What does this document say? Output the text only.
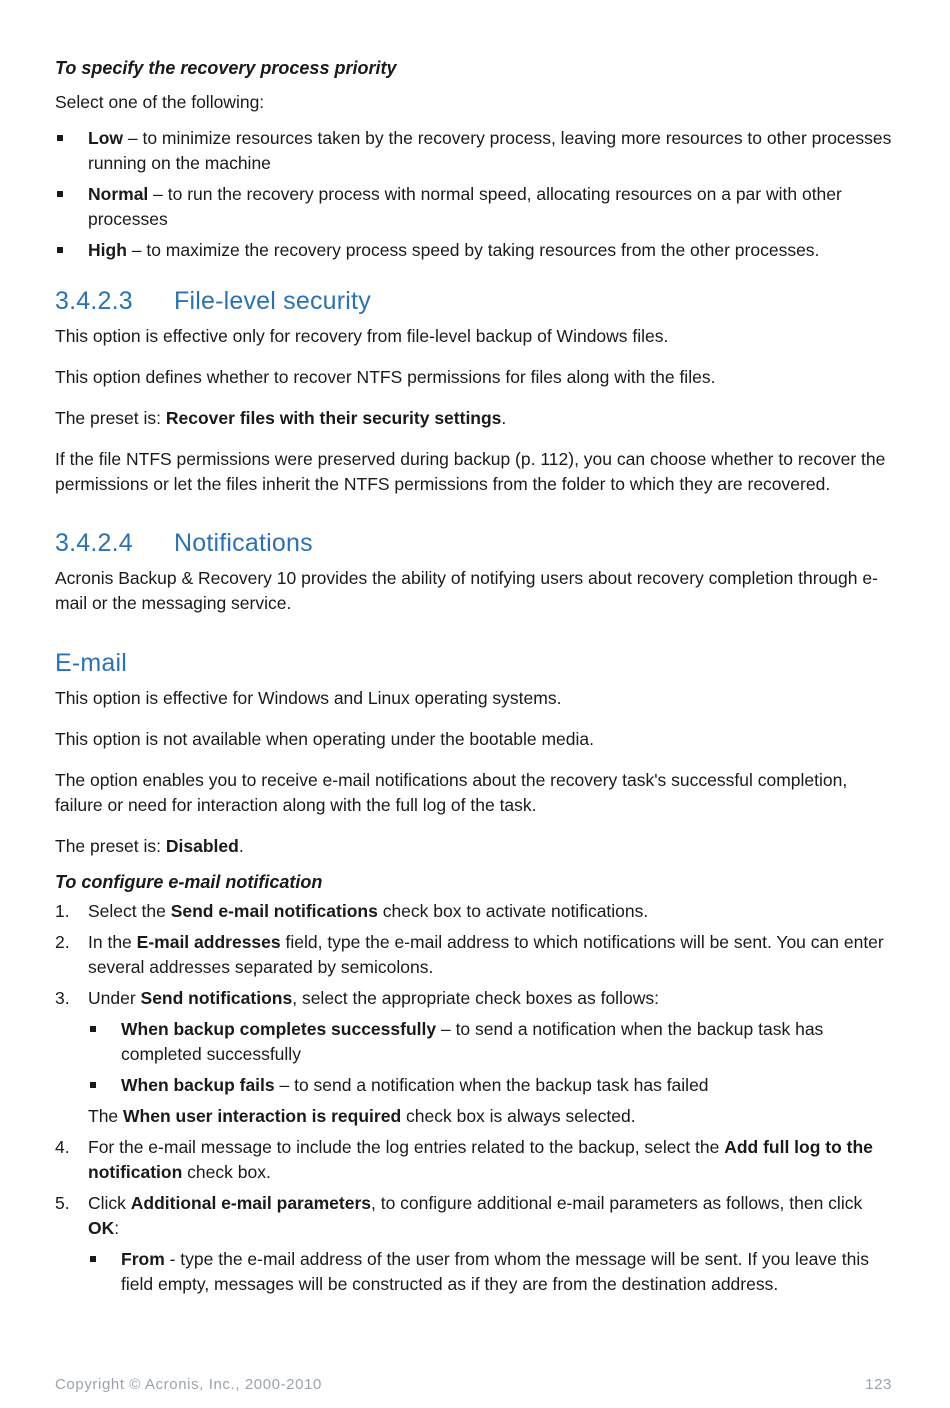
To specify the recovery process priority

Select one of the following:

Low – to minimize resources taken by the recovery process, leaving more resources to other processes running on the machine
Normal – to run the recovery process with normal speed, allocating resources on a par with other processes
High – to maximize the recovery process speed by taking resources from the other processes.
3.4.2.3 File-level security

This option is effective only for recovery from file-level backup of Windows files.

This option defines whether to recover NTFS permissions for files along with the files.

The preset is: Recover files with their security settings.

If the file NTFS permissions were preserved during backup (p. 112), you can choose whether to recover the permissions or let the files inherit the NTFS permissions from the folder to which they are recovered.

3.4.2.4 Notifications

Acronis Backup & Recovery 10 provides the ability of notifying users about recovery completion through e-mail or the messaging service.

E-mail

This option is effective for Windows and Linux operating systems.

This option is not available when operating under the bootable media.

The option enables you to receive e-mail notifications about the recovery task's successful completion, failure or need for interaction along with the full log of the task.

The preset is: Disabled.

To configure e-mail notification

1. Select the Send e-mail notifications check box to activate notifications.
2. In the E-mail addresses field, type the e-mail address to which notifications will be sent. You can enter several addresses separated by semicolons.
3. Under Send notifications, select the appropriate check boxes as follows:
When backup completes successfully – to send a notification when the backup task has completed successfully
When backup fails – to send a notification when the backup task has failed
The When user interaction is required check box is always selected.
4. For the e-mail message to include the log entries related to the backup, select the Add full log to the notification check box.
5. Click Additional e-mail parameters, to configure additional e-mail parameters as follows, then click OK:
From - type the e-mail address of the user from whom the message will be sent. If you leave this field empty, messages will be constructed as if they are from the destination address.
Copyright © Acronis, Inc., 2000-2010	123
